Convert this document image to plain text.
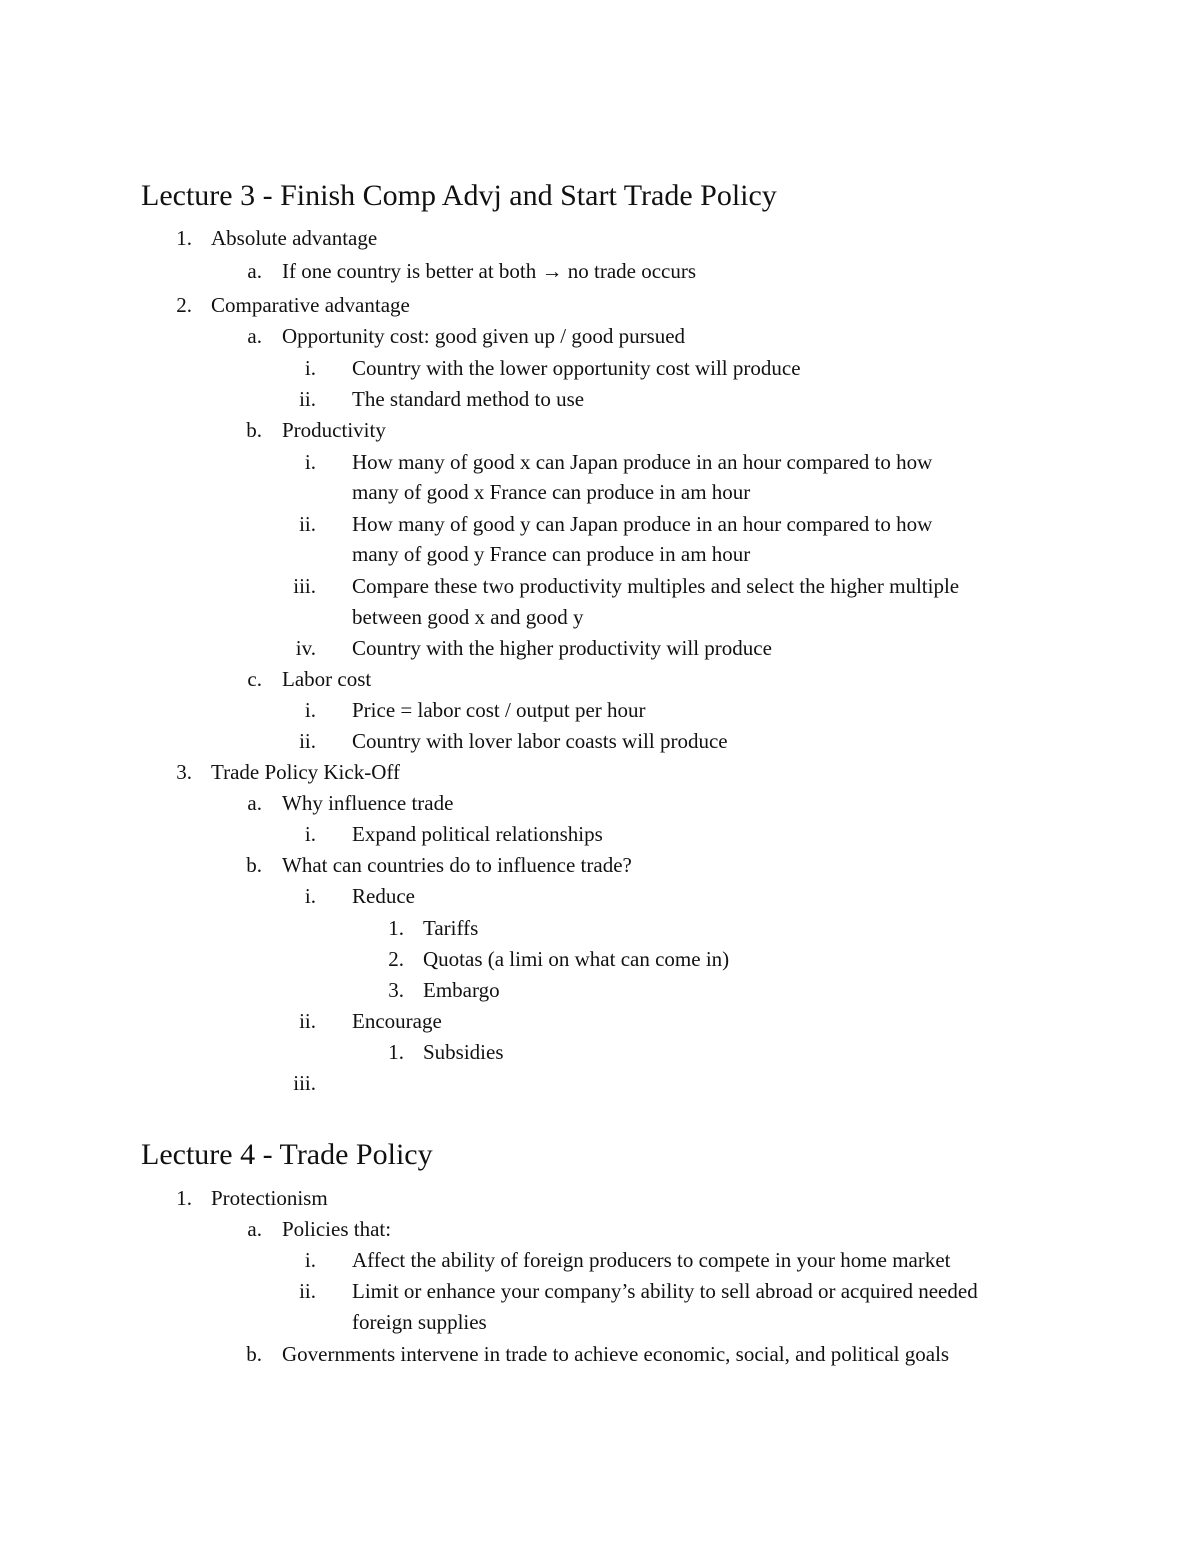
Lecture 3 - Finish Comp Advj and Start Trade Policy
1. Absolute advantage
a. If one country is better at both → no trade occurs
2. Comparative advantage
a. Opportunity cost: good given up / good pursued
i. Country with the lower opportunity cost will produce
ii. The standard method to use
b. Productivity
i. How many of good x can Japan produce in an hour compared to how
many of good x France can produce in am hour
ii. How many of good y can Japan produce in an hour compared to how
many of good y France can produce in am hour
iii. Compare these two productivity multiples and select the higher multiple
between good x and good y
iv. Country with the higher productivity will produce
c. Labor cost
i. Price = labor cost / output per hour
ii. Country with lover labor coasts will produce
3. Trade Policy Kick-Off
a. Why influence trade
i. Expand political relationships
b. What can countries do to influence trade?
i. Reduce
1. Tariffs
2. Quotas (a limi on what can come in)
3. Embargo
ii. Encourage
1. Subsidies
iii.
Lecture 4 - Trade Policy
1. Protectionism
a. Policies that:
i. Affect the ability of foreign producers to compete in your home market
ii. Limit or enhance your company’s ability to sell abroad or acquired needed
foreign supplies
b. Governments intervene in trade to achieve economic, social, and political goals
